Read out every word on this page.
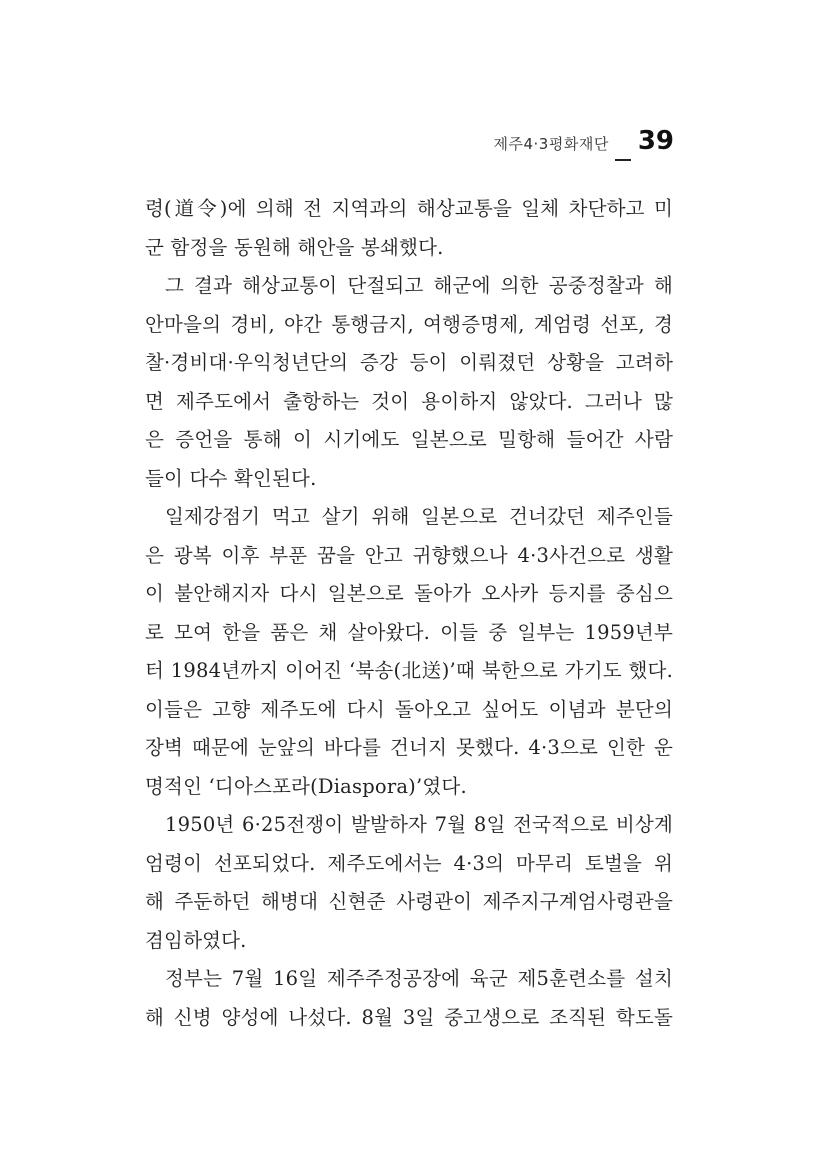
제주4·3평화재단 39

령(道令)에 의해 전 지역과의 해상교통을 일체 차단하고 미
군 함정을 동원해 해안을 봉쇄했다.

그 결과 해상교통이 단절되고 해군에 의한 공중정찰과 해
안마을의 경비, 야간 통행금지, 여행증명제, 계엄령 선포, 경
찰·경비대·우익청년단의 증강 등이 이뤄졌던 상황을 고려하
면 제주도에서 출항하는 것이 용이하지 않았다. 그러나 많
은 증언을 통해 이 시기에도 일본으로 밀항해 들어간 사람
들이 다수 확인된다.

일제강점기 먹고 살기 위해 일본으로 건너갔던 제주인들
은 광복 이후 부푼 꿈을 안고 귀향했으나 4·3사건으로 생활
이 불안해지자 다시 일본으로 돌아가 오사카 등지를 중심으
로 모여 한을 품은 채 살아왔다. 이들 중 일부는 1959년부
터 1984년까지 이어진 ‘북송(北送)’때 북한으로 가기도 했다.
이들은 고향 제주도에 다시 돌아오고 싶어도 이념과 분단의
장벽 때문에 눈앞의 바다를 건너지 못했다. 4·3으로 인한 운
명적인 ‘디아스포라(Diaspora)’였다.

1950년 6·25전쟁이 발발하자 7월 8일 전국적으로 비상계
엄령이 선포되었다. 제주도에서는 4·3의 마무리 토벌을 위
해 주둔하던 해병대 신현준 사령관이 제주지구계엄사령관을
겸임하였다.

정부는 7월 16일 제주주정공장에 육군 제5훈련소를 설치
해 신병 양성에 나섰다. 8월 3일 중고생으로 조직된 학도돌
